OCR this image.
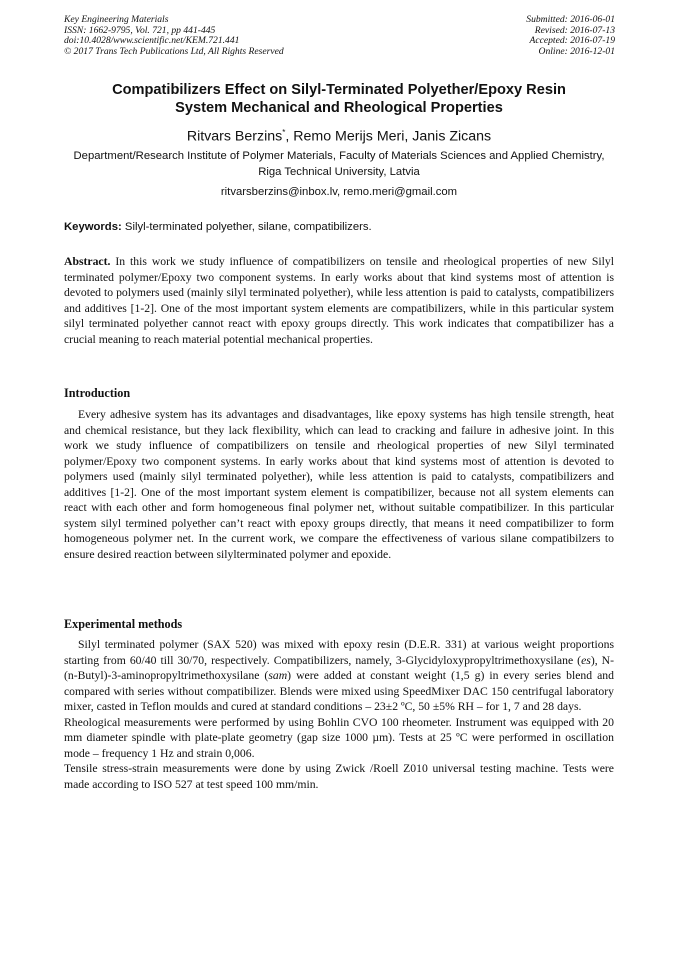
Key Engineering Materials
ISSN: 1662-9795, Vol. 721, pp 441-445
doi:10.4028/www.scientific.net/KEM.721.441
© 2017 Trans Tech Publications Ltd, All Rights Reserved
Submitted: 2016-06-01
Revised: 2016-07-13
Accepted: 2016-07-19
Online: 2016-12-01
Compatibilizers Effect on Silyl-Terminated Polyether/Epoxy Resin
System Mechanical and Rheological Properties
Ritvars Berzins*, Remo Merijs Meri, Janis Zicans
Department/Research Institute of Polymer Materials, Faculty of Materials Sciences and Applied Chemistry, Riga Technical University, Latvia
ritvarsberzins@inbox.lv, remo.meri@gmail.com
Keywords: Silyl-terminated polyether, silane, compatibilizers.

Abstract. In this work we study influence of compatibilizers on tensile and rheological properties of new Silyl terminated polymer/Epoxy two component systems. In early works about that kind systems most of attention is devoted to polymers used (mainly silyl terminated polyether), while less attention is paid to catalysts, compatibilizers and additives [1-2]. One of the most important system elements are compatibilizers, while in this particular system silyl terminated polyether cannot react with epoxy groups directly. This work indicates that compatibilizer has a crucial meaning to reach material potential mechanical properties.

Introduction

Every adhesive system has its advantages and disadvantages, like epoxy systems has high tensile strength, heat and chemical resistance, but they lack flexibility, which can lead to cracking and failure in adhesive joint. In this work we study influence of compatibilizers on tensile and rheological properties of new Silyl terminated polymer/Epoxy two component systems. In early works about that kind systems most of attention is devoted to polymers used (mainly silyl terminated polyether), while less attention is paid to catalysts, compatibilizers and additives [1-2]. One of the most important system element is compatibilizer, because not all system elements can react with each other and form homogeneous final polymer net, without suitable compatibilizer. In this particular system silyl termined polyether can’t react with epoxy groups directly, that means it need compatibilizer to form homogeneous polymer net. In the current work, we compare the effectiveness of various silane compatibilzers to ensure desired reaction between silylterminated polymer and epoxide.

Experimental methods

Silyl terminated polymer (SAX 520) was mixed with epoxy resin (D.E.R. 331) at various weight proportions starting from 60/40 till 30/70, respectively. Compatibilizers, namely, 3-Glycidyloxypropyltrimethoxysilane (es), N-(n-Butyl)-3-aminopropyltrimethoxysilane (sam) were added at constant weight (1,5 g) in every series blend and compared with series without compatibilizer. Blends were mixed using SpeedMixer DAC 150 centrifugal laboratory mixer, casted in Teflon moulds and cured at standard conditions – 23±2 ºC, 50 ±5% RH – for 1, 7 and 28 days.

Rheological measurements were performed by using Bohlin CVO 100 rheometer. Instrument was equipped with 20 mm diameter spindle with plate-plate geometry (gap size 1000 µm). Tests at 25 ºC were performed in oscillation mode – frequency 1 Hz and strain 0,006.

Tensile stress-strain measurements were done by using Zwick /Roell Z010 universal testing machine. Tests were made according to ISO 527 at test speed 100 mm/min.
